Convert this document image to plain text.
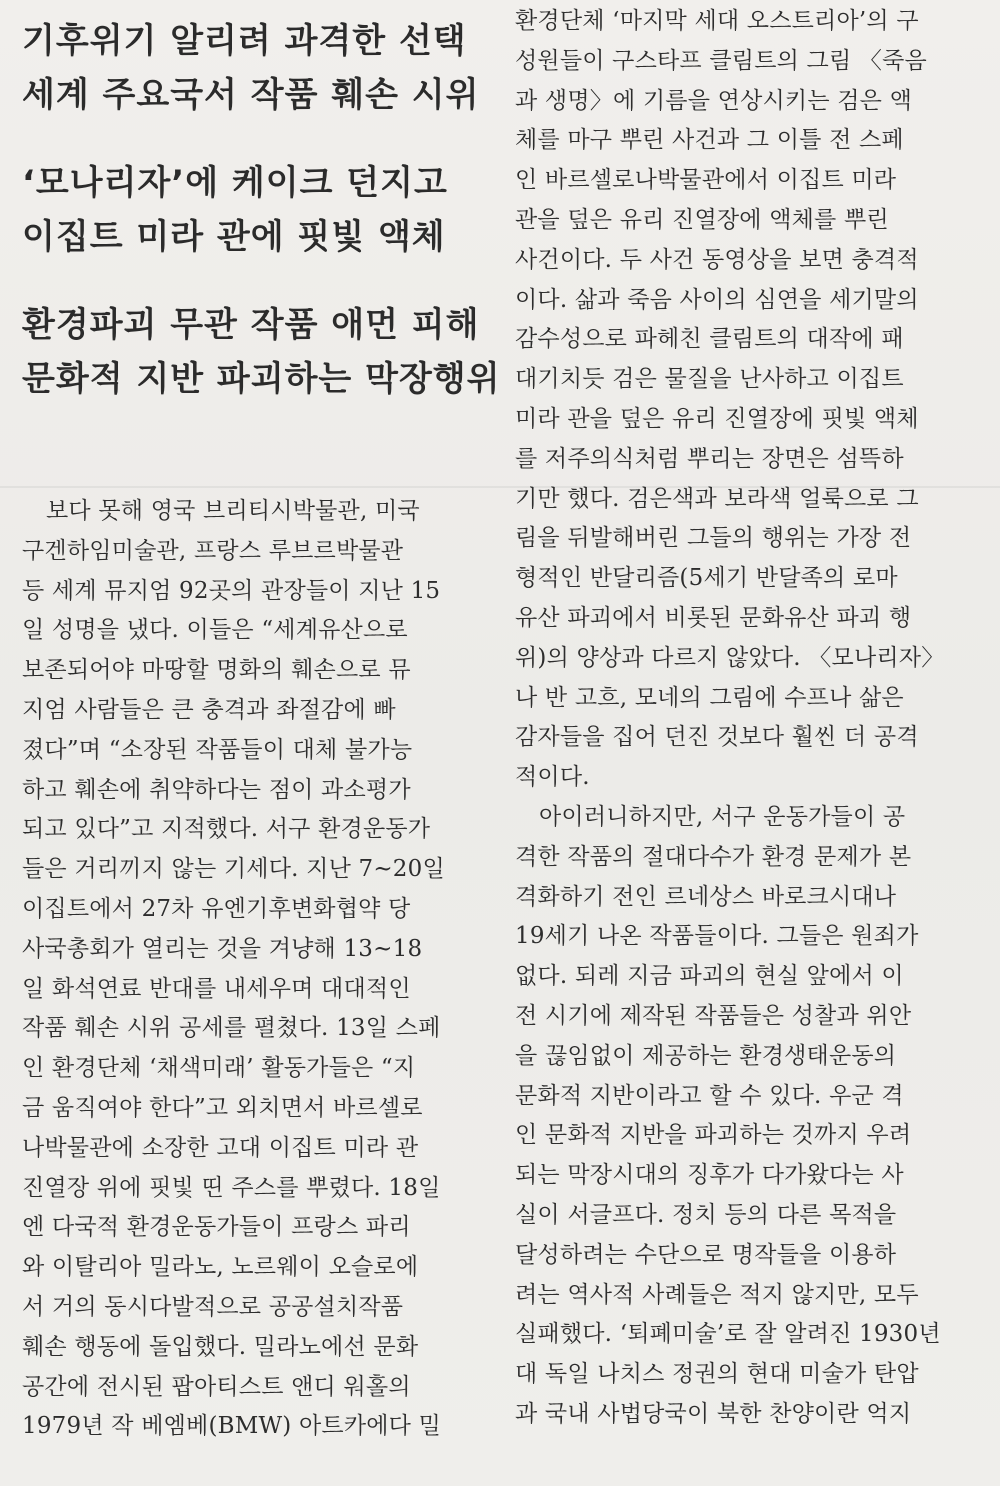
기후위기 알리려 과격한 선택
세계 주요국서 작품 훼손 시위
‘모나리자’에 케이크 던지고
이집트 미라 관에 핏빛 액체
환경파괴 무관 작품 애먼 피해
문화적 지반 파괴하는 막장행위
보다 못해 영국 브리티시박물관, 미국
구겐하임미술관, 프랑스 루브르박물관
등 세계 뮤지엄 92곳의 관장들이 지난 15
일 성명을 냈다. 이들은 “세계유산으로
보존되어야 마땅할 명화의 훼손으로 뮤
지엄 사람들은 큰 충격과 좌절감에 빠
졌다”며 “소장된 작품들이 대체 불가능
하고 훼손에 취약하다는 점이 과소평가
되고 있다”고 지적했다. 서구 환경운동가
들은 거리끼지 않는 기세다. 지난 7~20일
이집트에서 27차 유엔기후변화협약 당
사국총회가 열리는 것을 겨냥해 13~18
일 화석연료 반대를 내세우며 대대적인
작품 훼손 시위 공세를 펼쳤다. 13일 스페
인 환경단체 ‘채색미래’ 활동가들은 “지
금 움직여야 한다”고 외치면서 바르셀로
나박물관에 소장한 고대 이집트 미라 관
진열장 위에 핏빛 띤 주스를 뿌렸다. 18일
엔 다국적 환경운동가들이 프랑스 파리
와 이탈리아 밀라노, 노르웨이 오슬로에
서 거의 동시다발적으로 공공설치작품
훼손 행동에 돌입했다. 밀라노에선 문화
공간에 전시된 팝아티스트 앤디 워홀의
1979년 작 베엠베(BMW) 아트카에다 밀
환경단체 ‘마지막 세대 오스트리아’의 구
성원들이 구스타프 클림트의 그림 〈죽음
과 생명〉에 기름을 연상시키는 검은 액
체를 마구 뿌린 사건과 그 이틀 전 스페
인 바르셀로나박물관에서 이집트 미라
관을 덮은 유리 진열장에 액체를 뿌린
사건이다. 두 사건 동영상을 보면 충격적
이다. 삶과 죽음 사이의 심연을 세기말의
감수성으로 파헤친 클림트의 대작에 패
대기치듯 검은 물질을 난사하고 이집트
미라 관을 덮은 유리 진열장에 핏빛 액체
를 저주의식처럼 뿌리는 장면은 섬뜩하
기만 했다. 검은색과 보라색 얼룩으로 그
림을 뒤발해버린 그들의 행위는 가장 전
형적인 반달리즘(5세기 반달족의 로마
유산 파괴에서 비롯된 문화유산 파괴 행
위)의 양상과 다르지 않았다. 〈모나리자〉
나 반 고흐, 모네의 그림에 수프나 삶은
감자들을 집어 던진 것보다 훨씬 더 공격
적이다.
아이러니하지만, 서구 운동가들이 공
격한 작품의 절대다수가 환경 문제가 본
격화하기 전인 르네상스 바로크시대나
19세기 나온 작품들이다. 그들은 원죄가
없다. 되레 지금 파괴의 현실 앞에서 이
전 시기에 제작된 작품들은 성찰과 위안
을 끊임없이 제공하는 환경생태운동의
문화적 지반이라고 할 수 있다. 우군 격
인 문화적 지반을 파괴하는 것까지 우려
되는 막장시대의 징후가 다가왔다는 사
실이 서글프다. 정치 등의 다른 목적을
달성하려는 수단으로 명작들을 이용하
려는 역사적 사례들은 적지 않지만, 모두
실패했다. ‘퇴폐미술’로 잘 알려진 1930년
대 독일 나치스 정권의 현대 미술가 탄압
과 국내 사법당국이 북한 찬양이란 억지
